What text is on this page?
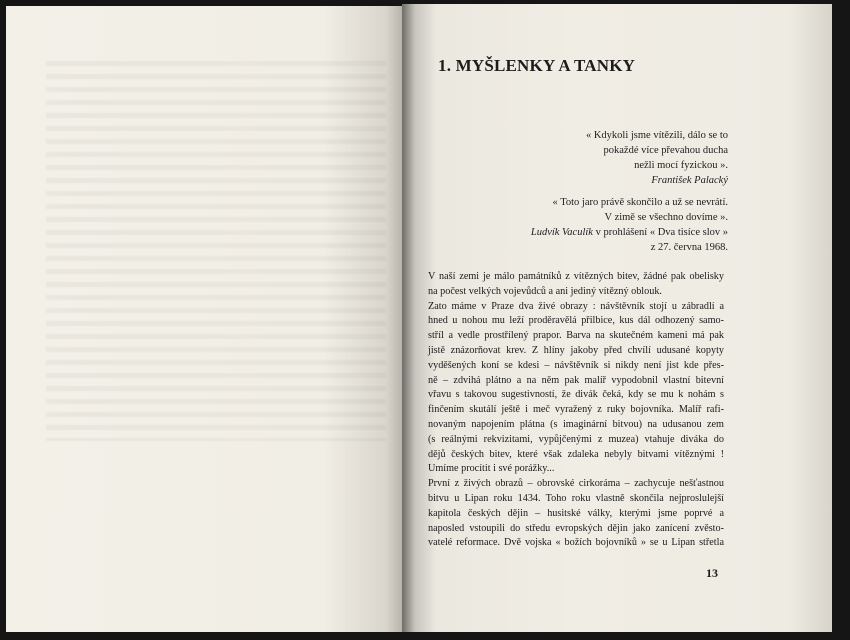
1. MYŠLENKY A TANKY
« Kdykoli jsme vítězili, dálo se to
pokaždé více převahou ducha
nežli mocí fyzickou ».
František Palacký
« Toto jaro právě skončilo a už se nevrátí.
V zimě se všechno dovíme ».
Ludvík Vaculík v prohlášení « Dva tisíce slov »
z 27. června 1968.
V naší zemi je málo památníků z vítězných bitev, žádné pak obelisky
na počest velkých vojevůdců a ani jediný vítězný oblouk.
Zato máme v Praze dva živé obrazy : návštěvník stojí u zábradlí a
hned u nohou mu leží proděravělá přilbice, kus dál odhozený samo-
stříl a vedle prostřílený prapor. Barva na skutečném kameni má pak
jistě znázorňovat krev. Z hlíny jakoby před chvílí udusané kopyty
vyděšených koní se kdesi – návštěvník si nikdy není jist kde přes-
ně – zdvihá plátno a na něm pak malíř vypodobnil vlastní bitevní
vřavu s takovou sugestivností, že divák čeká, kdy se mu k nohám s
finčením skutálí ještě i meč vyražený z ruky bojovníka. Malíř rafi-
novaným napojením plátna (s imaginární bitvou) na udusanou zem
(s reálnými rekvizitami, vypůjčenými z muzea) vtahuje diváka do
dějů českých bitev, které však zdaleka nebyly bitvami vítěznými !
Umíme procítit i své porážky...
První z živých obrazů – obrovské cirkoráma – zachycuje nešťastnou
bitvu u Lipan roku 1434. Toho roku vlastně skončila nejproslulejší
kapitola českých dějin – husitské války, kterými jsme poprvé a
naposled vstoupili do středu evropských dějin jako zanícení zvěsto-
vatelé reformace. Dvě vojska « božích bojovníků » se u Lipan střetla
13
